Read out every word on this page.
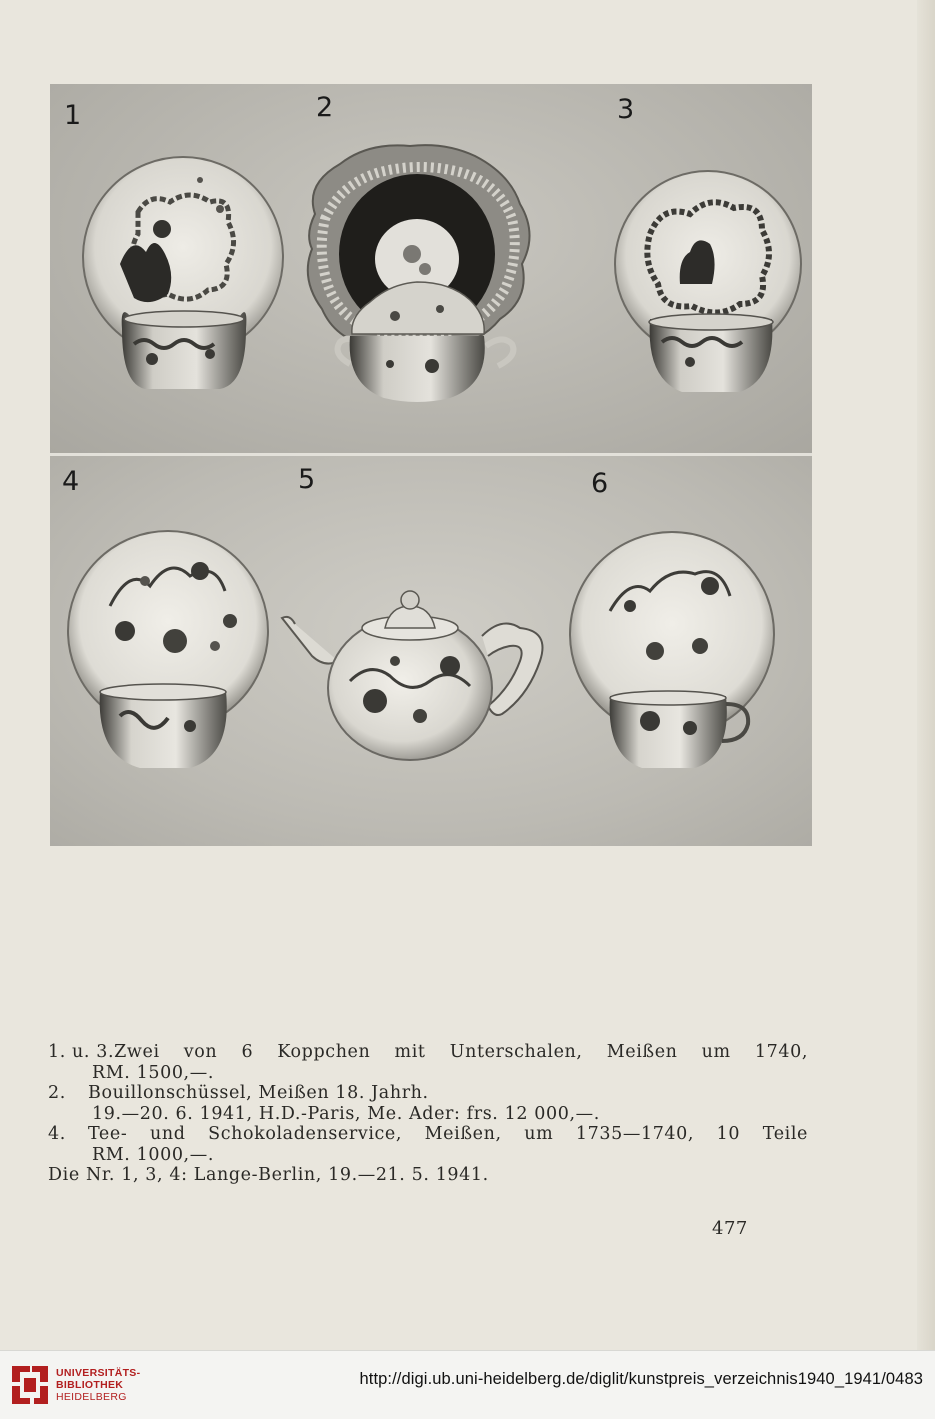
1	2	3
4	5	6
1. u. 3. Zwei von 6 Koppchen mit Unterschalen, Meißen um 1740,
RM. 1500,—.
2.	Bouillonschüssel, Meißen 18. Jahrh.
19.—20. 6. 1941, H.D.-Paris, Me. Ader: frs. 12 000,—.
4.	Tee- und Schokoladenservice, Meißen, um 1735—1740, 10 Teile
RM. 1000,—.
Die Nr. 1, 3, 4: Lange-Berlin, 19.—21. 5. 1941.
477
UNIVERSITÄTS-
BIBLIOTHEK
HEIDELBERG
http://digi.ub.uni-heidelberg.de/diglit/kunstpreis_verzeichnis1940_1941/0483
